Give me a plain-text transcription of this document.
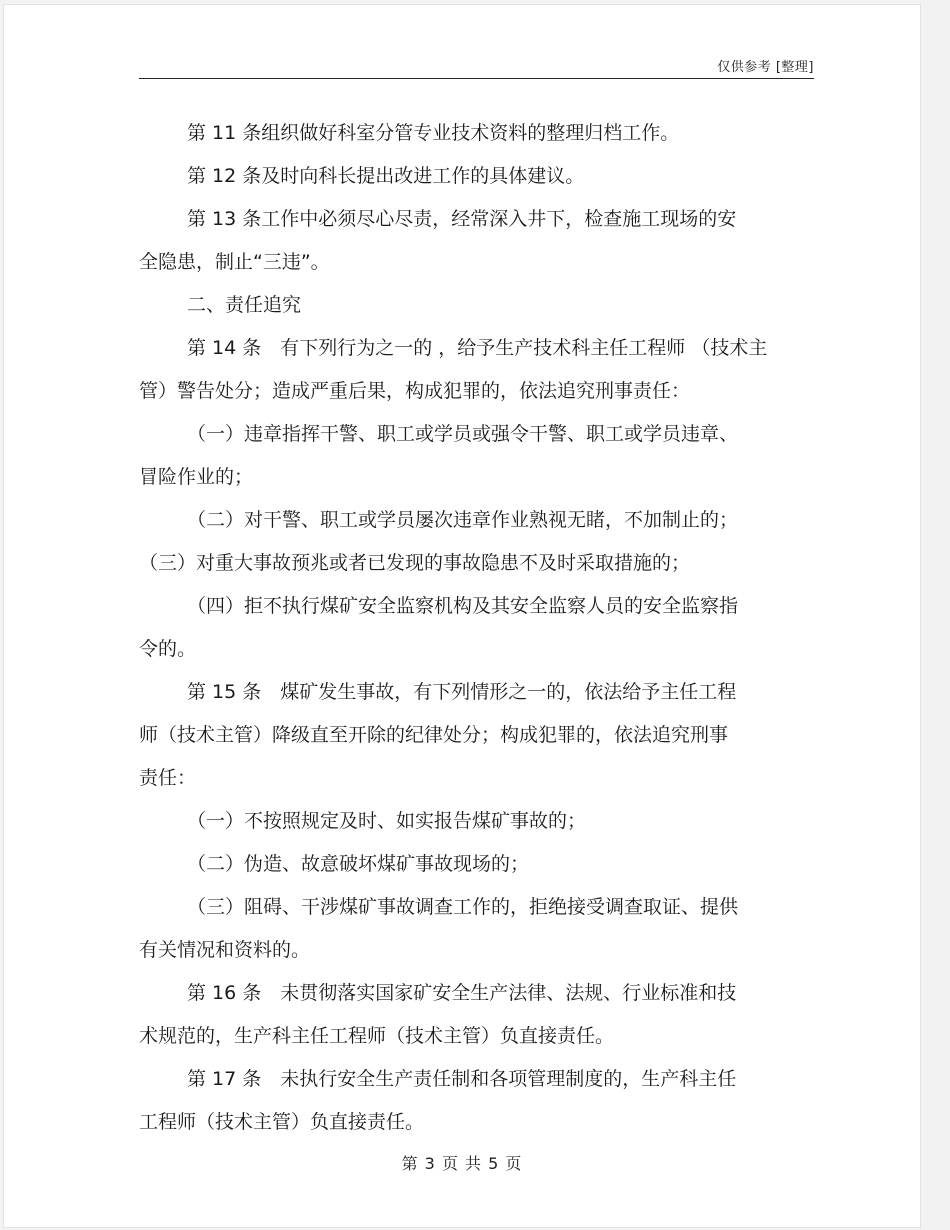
仅供参考 [整理]

第 11 条组织做好科室分管专业技术资料的整理归档工作。

第 12 条及时向科长提出改进工作的具体建议。

第 13 条工作中必须尽心尽责，经常深入井下，检查施工现场的安

全隐患，制止“三违”。

二、责任追究

第 14 条　有下列行为之一的 ，给予生产技术科主任工程师 （技术主

管）警告处分；造成严重后果，构成犯罪的，依法追究刑事责任：

（一）违章指挥干警、职工或学员或强令干警、职工或学员违章、

冒险作业的；

（二）对干警、职工或学员屡次违章作业熟视无睹，不加制止的；

（三）对重大事故预兆或者已发现的事故隐患不及时采取措施的；

（四）拒不执行煤矿安全监察机构及其安全监察人员的安全监察指

令的。

第 15 条　煤矿发生事故，有下列情形之一的，依法给予主任工程

师（技术主管）降级直至开除的纪律处分；构成犯罪的，依法追究刑事

责任：

（一）不按照规定及时、如实报告煤矿事故的；

（二）伪造、故意破坏煤矿事故现场的；

（三）阻碍、干涉煤矿事故调查工作的，拒绝接受调查取证、提供

有关情况和资料的。

第 16 条　未贯彻落实国家矿安全生产法律、法规、行业标准和技

术规范的，生产科主任工程师（技术主管）负直接责任。

第 17 条　未执行安全生产责任制和各项管理制度的，生产科主任

工程师（技术主管）负直接责任。

第 3 页 共 5 页
